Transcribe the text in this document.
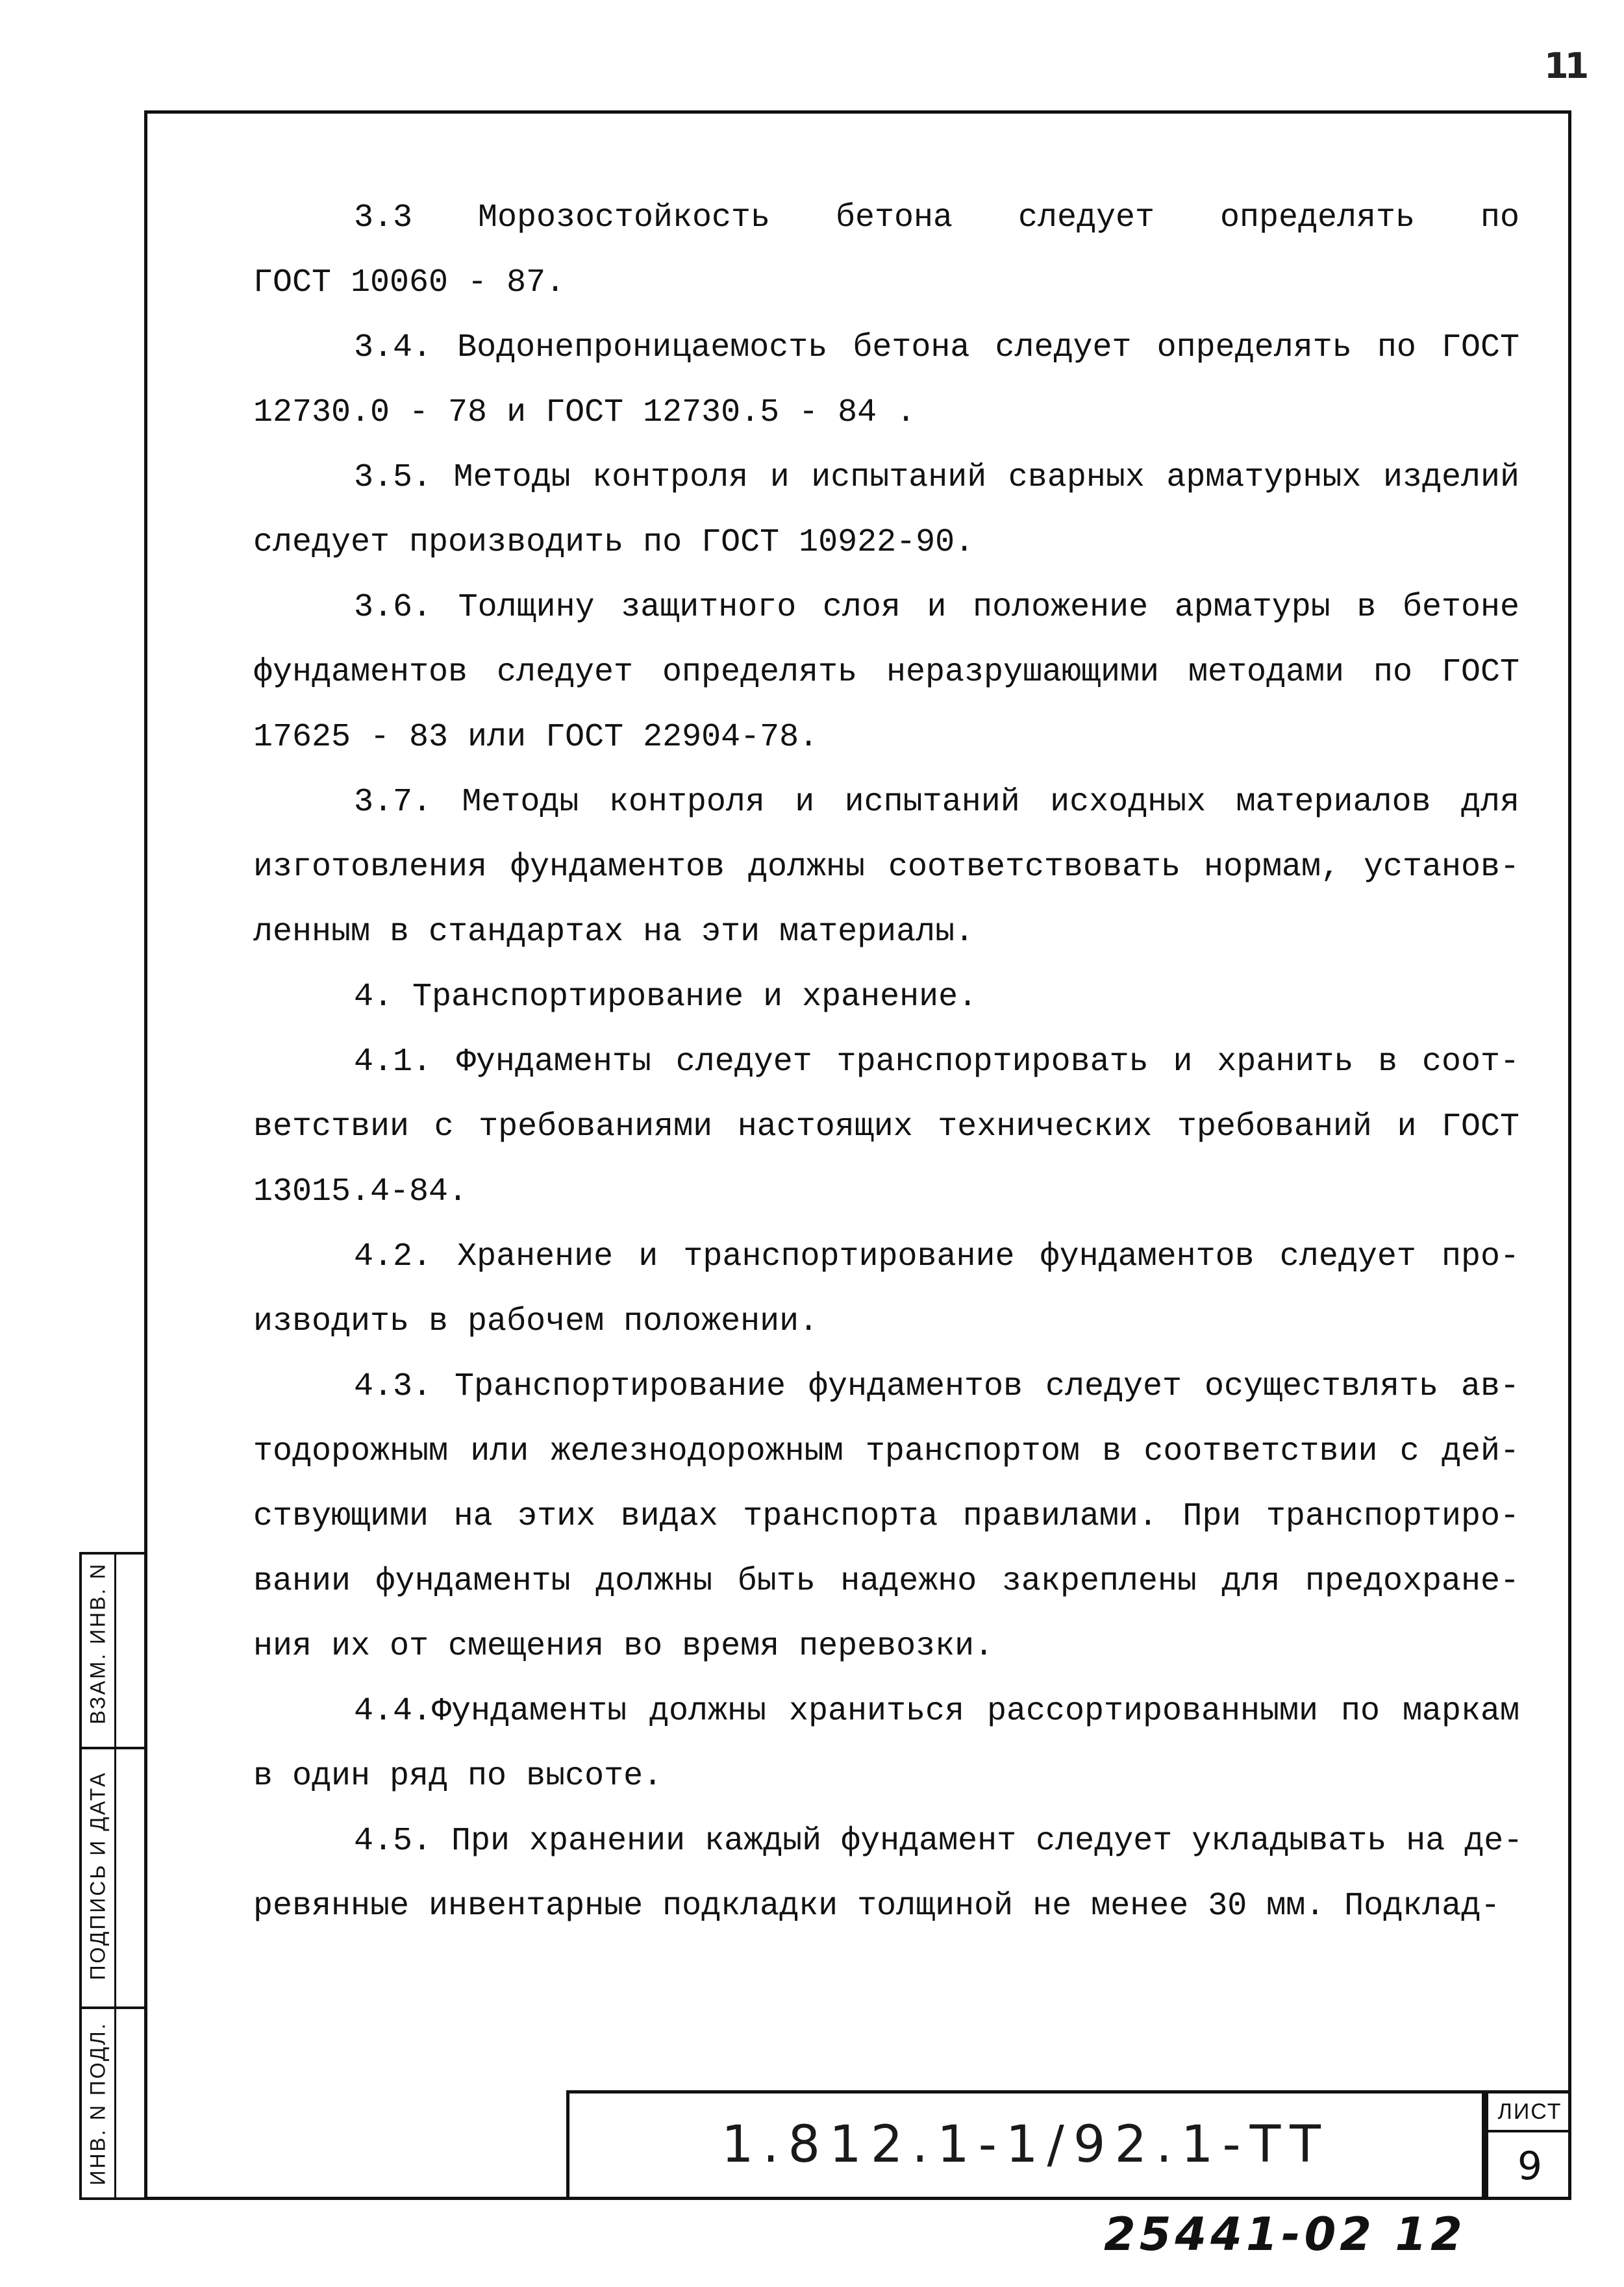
11
3.3 Морозостойкость бетона следует определять по
ГОСТ 10060 - 87.
3.4. Водонепроницаемость бетона следует определять по ГОСТ
12730.0 - 78 и ГОСТ 12730.5 - 84 .
3.5. Методы контроля и испытаний сварных арматурных изделий
следует производить по ГОСТ 10922-90.
3.6. Толщину защитного слоя и положение арматуры в бетоне
фундаментов следует определять неразрушающими методами по ГОСТ
17625 - 83 или ГОСТ 22904-78.
3.7. Методы контроля и испытаний исходных материалов для
изготовления фундаментов должны соответствовать нормам, установ-
ленным в стандартах на эти материалы.
4. Транспортирование и хранение.
4.1. Фундаменты следует транспортировать и хранить в соот-
ветствии с требованиями настоящих технических требований и ГОСТ
13015.4-84.
4.2. Хранение и транспортирование фундаментов следует про-
изводить в рабочем положении.
4.3. Транспортирование фундаментов следует осуществлять ав-
тодорожным или железнодорожным транспортом в соответствии с дей-
ствующими на этих видах транспорта правилами. При транспортиро-
вании фундаменты должны быть надежно закреплены для предохране-
ния их от смещения во время перевозки.
4.4.Фундаменты должны храниться рассортированными по маркам
в один ряд по высоте.
4.5. При хранении каждый фундамент следует укладывать на де-
ревянные инвентарные подкладки толщиной не менее 30 мм. Подклад-
ВЗАМ. ИНВ. N
ПОДПИСЬ И ДАТА
ИНВ. N ПОДЛ.	1.812.1-1/92.1-ТТ
ЛИСТ
9
25441-02 12
